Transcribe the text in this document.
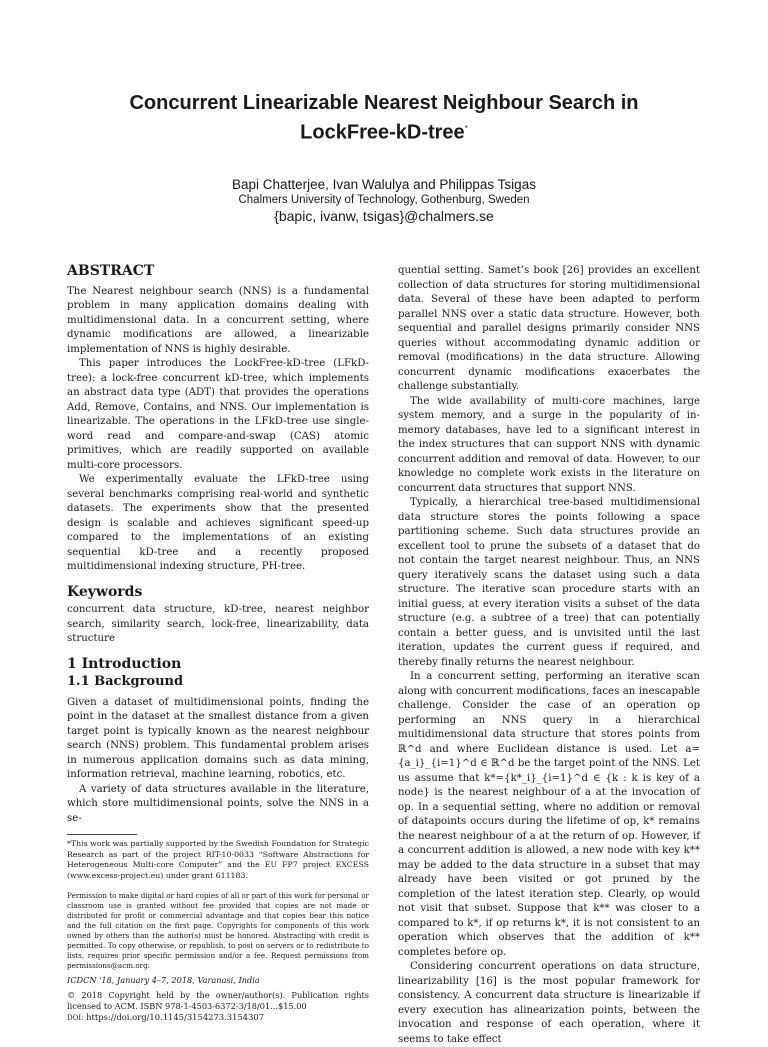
Concurrent Linearizable Nearest Neighbour Search in
LockFree-kD-tree*
Bapi Chatterjee, Ivan Walulya and Philippas Tsigas
Chalmers University of Technology, Gothenburg, Sweden
{bapic, ivanw, tsigas}@chalmers.se
ABSTRACT

The Nearest neighbour search (NNS) is a fundamental problem in many application domains dealing with multidimensional data. In a concurrent setting, where dynamic modifications are allowed, a linearizable implementation of NNS is highly desirable.

This paper introduces the LockFree-kD-tree (LFkD-tree): a lock-free concurrent kD-tree, which implements an abstract data type (ADT) that provides the operations Add, Remove, Contains, and NNS. Our implementation is linearizable. The operations in the LFkD-tree use single-word read and compare-and-swap (CAS) atomic primitives, which are readily supported on available multi-core processors.

We experimentally evaluate the LFkD-tree using several benchmarks comprising real-world and synthetic datasets. The experiments show that the presented design is scalable and achieves significant speed-up compared to the implementations of an existing sequential kD-tree and a recently proposed multidimensional indexing structure, PH-tree.

Keywords

concurrent data structure, kD-tree, nearest neighbor search, similarity search, lock-free, linearizability, data structure

1 Introduction
1.1 Background

Given a dataset of multidimensional points, finding the point in the dataset at the smallest distance from a given target point is typically known as the nearest neighbour search (NNS) problem. This fundamental problem arises in numerous application domains such as data mining, information retrieval, machine learning, robotics, etc.

A variety of data structures available in the literature, which store multidimensional points, solve the NNS in a se-

*This work was partially supported by the Swedish Foundation for Strategic Research as part of the project RIT-10-0033 “Software Abstractions for Heterogeneous Multi-core Computer” and the EU FP7 project EXCESS (www.excess-project.eu) under grant 611183.
Permission to make digital or hard copies of all or part of this work for personal or classroom use is granted without fee provided that copies are not made or distributed for profit or commercial advantage and that copies bear this notice and the full citation on the first page. Copyrights for components of this work owned by others than the author(s) must be honored. Abstracting with credit is permitted. To copy otherwise, or republish, to post on servers or to redistribute to lists, requires prior specific permission and/or a fee. Request permissions from permissions@acm.org.
ICDCN '18, January 4–7, 2018, Varanasi, India
© 2018 Copyright held by the owner/author(s). Publication rights licensed to ACM. ISBN 978-1-4503-6372-3/18/01...$15.00
DOI: https://doi.org/10.1145/3154273.3154307

quential setting. Samet’s book [26] provides an excellent collection of data structures for storing multidimensional data. Several of these have been adapted to perform parallel NNS over a static data structure. However, both sequential and parallel designs primarily consider NNS queries without accommodating dynamic addition or removal (modifications) in the data structure. Allowing concurrent dynamic modifications exacerbates the challenge substantially.

The wide availability of multi-core machines, large system memory, and a surge in the popularity of in-memory databases, have led to a significant interest in the index structures that can support NNS with dynamic concurrent addition and removal of data. However, to our knowledge no complete work exists in the literature on concurrent data structures that support NNS.

Typically, a hierarchical tree-based multidimensional data structure stores the points following a space partitioning scheme. Such data structures provide an excellent tool to prune the subsets of a dataset that do not contain the target nearest neighbour. Thus, an NNS query iteratively scans the dataset using such a data structure. The iterative scan procedure starts with an initial guess, at every iteration visits a subset of the data structure (e.g. a subtree of a tree) that can potentially contain a better guess, and is unvisited until the last iteration, updates the current guess if required, and thereby finally returns the nearest neighbour.

In a concurrent setting, performing an iterative scan along with concurrent modifications, faces an inescapable challenge. Consider the case of an operation op performing an NNS query in a hierarchical multidimensional data structure that stores points from ℝ^d and where Euclidean distance is used. Let a={a_i}_{i=1}^d ∈ ℝ^d be the target point of the NNS. Let us assume that k*={k*_i}_{i=1}^d ∈ {k : k is key of a node} is the nearest neighbour of a at the invocation of op. In a sequential setting, where no addition or removal of datapoints occurs during the lifetime of op, k* remains the nearest neighbour of a at the return of op. However, if a concurrent addition is allowed, a new node with key k** may be added to the data structure in a subset that may already have been visited or got pruned by the completion of the latest iteration step. Clearly, op would not visit that subset. Suppose that k** was closer to a compared to k*, if op returns k*, it is not consistent to an operation which observes that the addition of k** completes before op.

Considering concurrent operations on data structure, linearizability [16] is the most popular framework for consistency. A concurrent data structure is linearizable if every execution has alinearization points, between the invocation and response of each operation, where it seems to take effect
